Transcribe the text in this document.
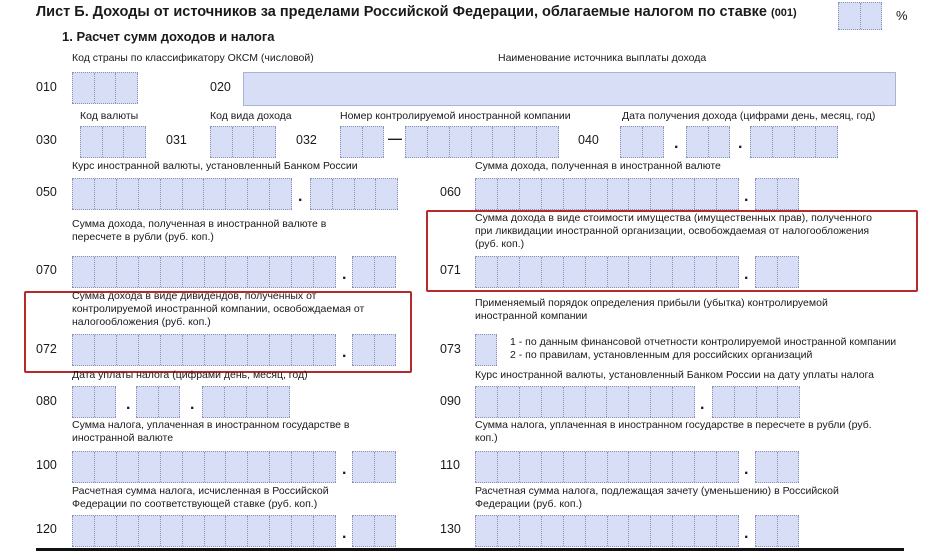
Лист Б. Доходы от источников за пределами Российской Федерации, облагаемые налогом по ставке (001)	%
1. Расчет сумм доходов и налога
Код страны по классификатору ОКСМ (числовой)	Наименование источника выплаты дохода
010	020
Код валюты	Код вида дохода	Номер контролируемой иностранной компании	Дата получения дохода (цифрами день, месяц, год)
030	031	032	—	040	.	.
Курс иностранной валюты, установленный Банком России	Сумма дохода, полученная в иностранной валюте
050	.	060	.
Сумма дохода, полученная в иностранной валюте в
пересчете в рубли (руб. коп.)
070	.
Сумма дохода в виде стоимости имущества (имущественных прав), полученного
при ликвидации иностранной организации, освобождаемая от налогообложения
(руб. коп.)
071	.
Сумма дохода в виде дивидендов, полученных от
контролируемой иностранной компании, освобождаемая от
налогообложения (руб. коп.)
072	.
Применяемый порядок определения прибыли (убытка) контролируемой
иностранной компании
073	1 - по данным финансовой отчетности контролируемой иностранной компании
2 - по правилам, установленным для российских организаций
Дата уплаты налога (цифрами день, месяц, год)	Курс иностранной валюты, установленный Банком России на дату уплаты налога
080	.	.	090	.
Сумма налога, уплаченная в иностранном государстве в
иностранной валюте
Сумма налога, уплаченная в иностранном государстве в пересчете в рубли (руб.
коп.)
100	.	110	.
Расчетная сумма налога, исчисленная в Российской
Федерации по соответствующей ставке (руб. коп.)
Расчетная сумма налога, подлежащая зачету (уменьшению) в Российской
Федерации (руб. коп.)
120	.	130	.
